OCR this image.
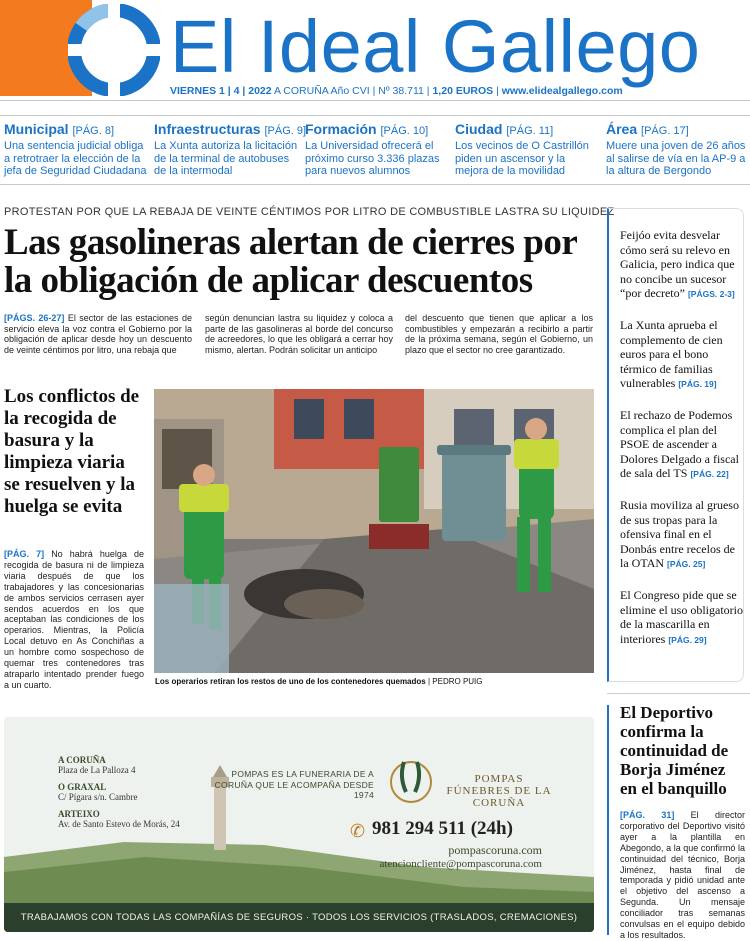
El Ideal Gallego
VIERNES 1 | 4 | 2022 A CORUÑA Año CVI | Nº 38.711 | 1,20 EUROS | www.elidealgallego.com
Municipal [PÁG. 8]
Una sentencia judicial obliga a retrotraer la elección de la jefa de Seguridad Ciudadana
Infraestructuras [PÁG. 9]
La Xunta autoriza la licitación de la terminal de autobuses de la intermodal
Formación [PÁG. 10]
La Universidad ofrecerá el próximo curso 3.336 plazas para nuevos alumnos
Ciudad [PÁG. 11]
Los vecinos de O Castrillón piden un ascensor y la mejora de la movilidad
Área [PÁG. 17]
Muere una joven de 26 años al salirse de vía en la AP-9 a la altura de Bergondo
PROTESTAN POR QUE LA REBAJA DE VEINTE CÉNTIMOS POR LITRO DE COMBUSTIBLE LASTRA SU LIQUIDEZ
Las gasolineras alertan de cierres por la obligación de aplicar descuentos
[PÁGS. 26-27] El sector de las estaciones de servicio eleva la voz contra el Gobierno por la obligación de aplicar desde hoy un descuento de veinte céntimos por litro, una rebaja que
según denuncian lastra su liquidez y coloca a parte de las gasolineras al borde del concurso de acreedores, lo que les obligará a cerrar hoy mismo, alertan. Podrán solicitar un anticipo
del descuento que tienen que aplicar a los combustibles y empezarán a recibirlo a partir de la próxima semana, según el Gobierno, un plazo que el sector no cree garantizado.
Los conflictos de la recogida de basura y la limpieza viaria se resuelven y la huelga se evita
[PÁG. 7] No habrá huelga de recogida de basura ni de limpieza viaria después de que los trabajadores y las concesionarias de ambos servicios cerrasen ayer sendos acuerdos en los que aceptaban las condiciones de los operarios. Mientras, la Policía Local detuvo en As Conchiñas a un hombre como sospechoso de quemar tres contenedores tras atraparlo intentado prender fuego a un cuarto.	Los operarios retiran los restos de uno de los contenedores quemados | PEDRO PUIG
Feijóo evita desvelar cómo será su relevo en Galicia, pero indica que no concibe un sucesor “por decreto” [PÁGS. 2-3]
La Xunta aprueba el complemento de cien euros para el bono térmico de familias vulnerables [PÁG. 19]
El rechazo de Podemos complica el plan del PSOE de ascender a Dolores Delgado a fiscal de sala del TS [PÁG. 22]
Rusia moviliza al grueso de sus tropas para la ofensiva final en el Donbás entre recelos de la OTAN [PÁG. 25]
El Congreso pide que se elimine el uso obligatorio de la mascarilla en interiores [PÁG. 29]
El Deportivo confirma la continuidad de Borja Jiménez en el banquillo
[PÁG. 31] El director corporativo del Deportivo visitó ayer a la plantilla en Abegondo, a la que confirmó la continuidad del técnico, Borja Jiménez, hasta final de temporada y pidió unidad ante el objetivo del ascenso a Segunda. Un mensaje conciliador tras semanas convulsas en el equipo debido a los resultados.
A CORUÑA
Plaza de La Palloza 4
O GRAXAL
C/ Pígara s/n. Cambre
ARTEIXO
Av. de Santo Estevo de Morás, 24
POMPAS ES LA FUNERARIA DE A CORUÑA QUE LE ACOMPAÑA DESDE 1974
POMPAS FÚNEBRES DE LA CORUÑA
✆ 981 294 511 (24h)
pompascoruna.com
atencioncliente@pompascoruna.com
TRABAJAMOS CON TODAS LAS COMPAÑÍAS DE SEGUROS · TODOS LOS SERVICIOS (TRASLADOS, CREMACIONES)
